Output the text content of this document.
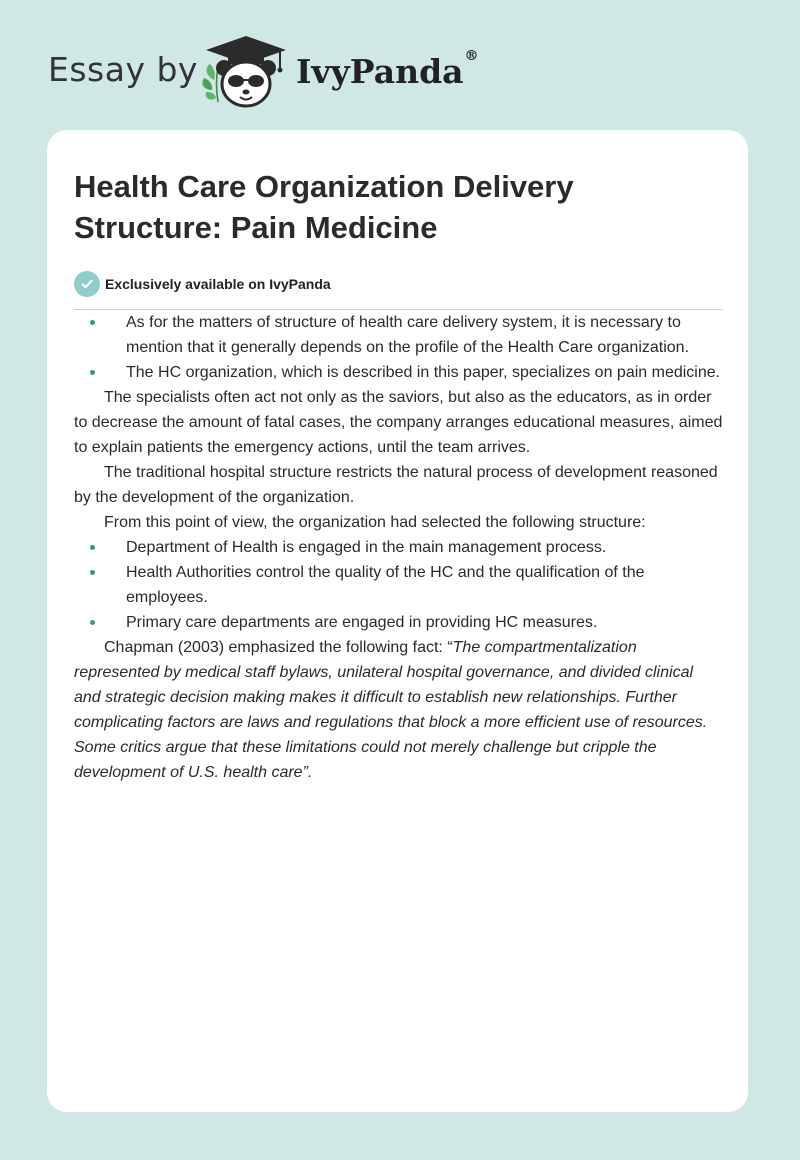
Essay by	IvyPanda®
Health Care Organization Delivery Structure: Pain Medicine
Exclusively available on IvyPanda
As for the matters of structure of health care delivery system, it is necessary to mention that it generally depends on the profile of the Health Care organization.
The HC organization, which is described in this paper, specializes on pain medicine.

The specialists often act not only as the saviors, but also as the educators, as in order to decrease the amount of fatal cases, the company arranges educational measures, aimed to explain patients the emergency actions, until the team arrives.

The traditional hospital structure restricts the natural process of development reasoned by the development of the organization.

From this point of view, the organization had selected the following structure:

Department of Health is engaged in the main management process.
Health Authorities control the quality of the HC and the qualification of the employees.
Primary care departments are engaged in providing HC measures.

Chapman (2003) emphasized the following fact: “The compartmentalization represented by medical staff bylaws, unilateral hospital governance, and divided clinical and strategic decision making makes it difficult to establish new relationships. Further complicating factors are laws and regulations that block a more efficient use of resources. Some critics argue that these limitations could not merely challenge but cripple the development of U.S. health care”.
